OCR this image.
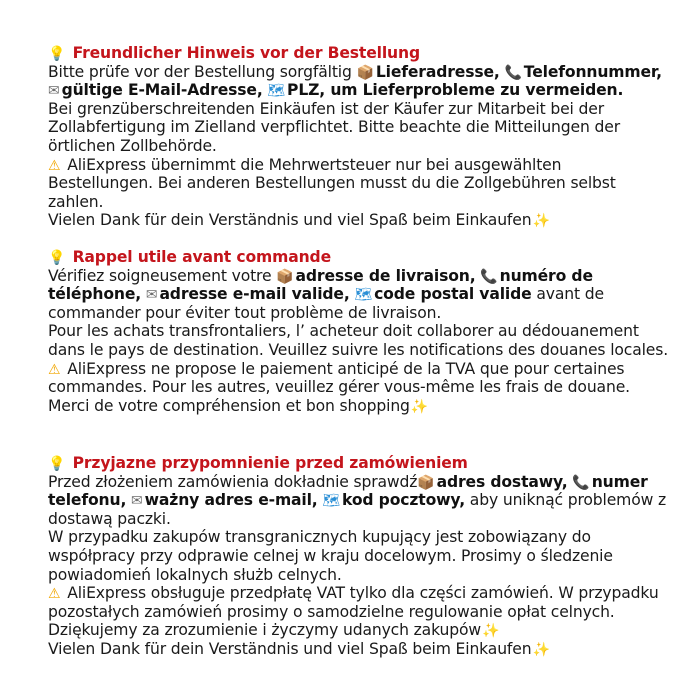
💡 Freundlicher Hinweis vor der Bestellung

Bitte prüfe vor der Bestellung sorgfältig 📦 Lieferadresse, 📞 Telefonnummer, ✉ gültige E-Mail-Adresse, 🗺 PLZ, um Lieferprobleme zu vermeiden.

Bei grenzüberschreitenden Einkäufen ist der Käufer zur Mitarbeit bei der Zollabfertigung im Zielland verpflichtet. Bitte beachte die Mitteilungen der örtlichen Zollbehörde.

⚠ AliExpress übernimmt die Mehrwertsteuer nur bei ausgewählten Bestellungen. Bei anderen Bestellungen musst du die Zollgebühren selbst zahlen.

Vielen Dank für dein Verständnis und viel Spaß beim Einkaufen✨

💡 Rappel utile avant commande

Vérifiez soigneusement votre 📦 adresse de livraison, 📞 numéro de téléphone, ✉ adresse e-mail valide, 🗺 code postal valide avant de commander pour éviter tout problème de livraison.

Pour les achats transfrontaliers, l’ acheteur doit collaborer au dédouanement dans le pays de destination. Veuillez suivre les notifications des douanes locales.

⚠ AliExpress ne propose le paiement anticipé de la TVA que pour certaines commandes. Pour les autres, veuillez gérer vous-même les frais de douane.

Merci de votre compréhension et bon shopping✨

💡 Przyjazne przypomnienie przed zamówieniem

Przed złożeniem zamówienia dokładnie sprawdź📦 adres dostawy, 📞 numer telefonu, ✉ ważny adres e-mail, 🗺 kod pocztowy, aby uniknąć problemów z dostawą paczki.

W przypadku zakupów transgranicznych kupujący jest zobowiązany do współpracy przy odprawie celnej w kraju docelowym. Prosimy o śledzenie powiadomień lokalnych służb celnych.

⚠ AliExpress obsługuje przedpłatę VAT tylko dla części zamówień. W przypadku pozostałych zamówień prosimy o samodzielne regulowanie opłat celnych.

Dziękujemy za zrozumienie i życzymy udanych zakupów✨

Vielen Dank für dein Verständnis und viel Spaß beim Einkaufen✨
